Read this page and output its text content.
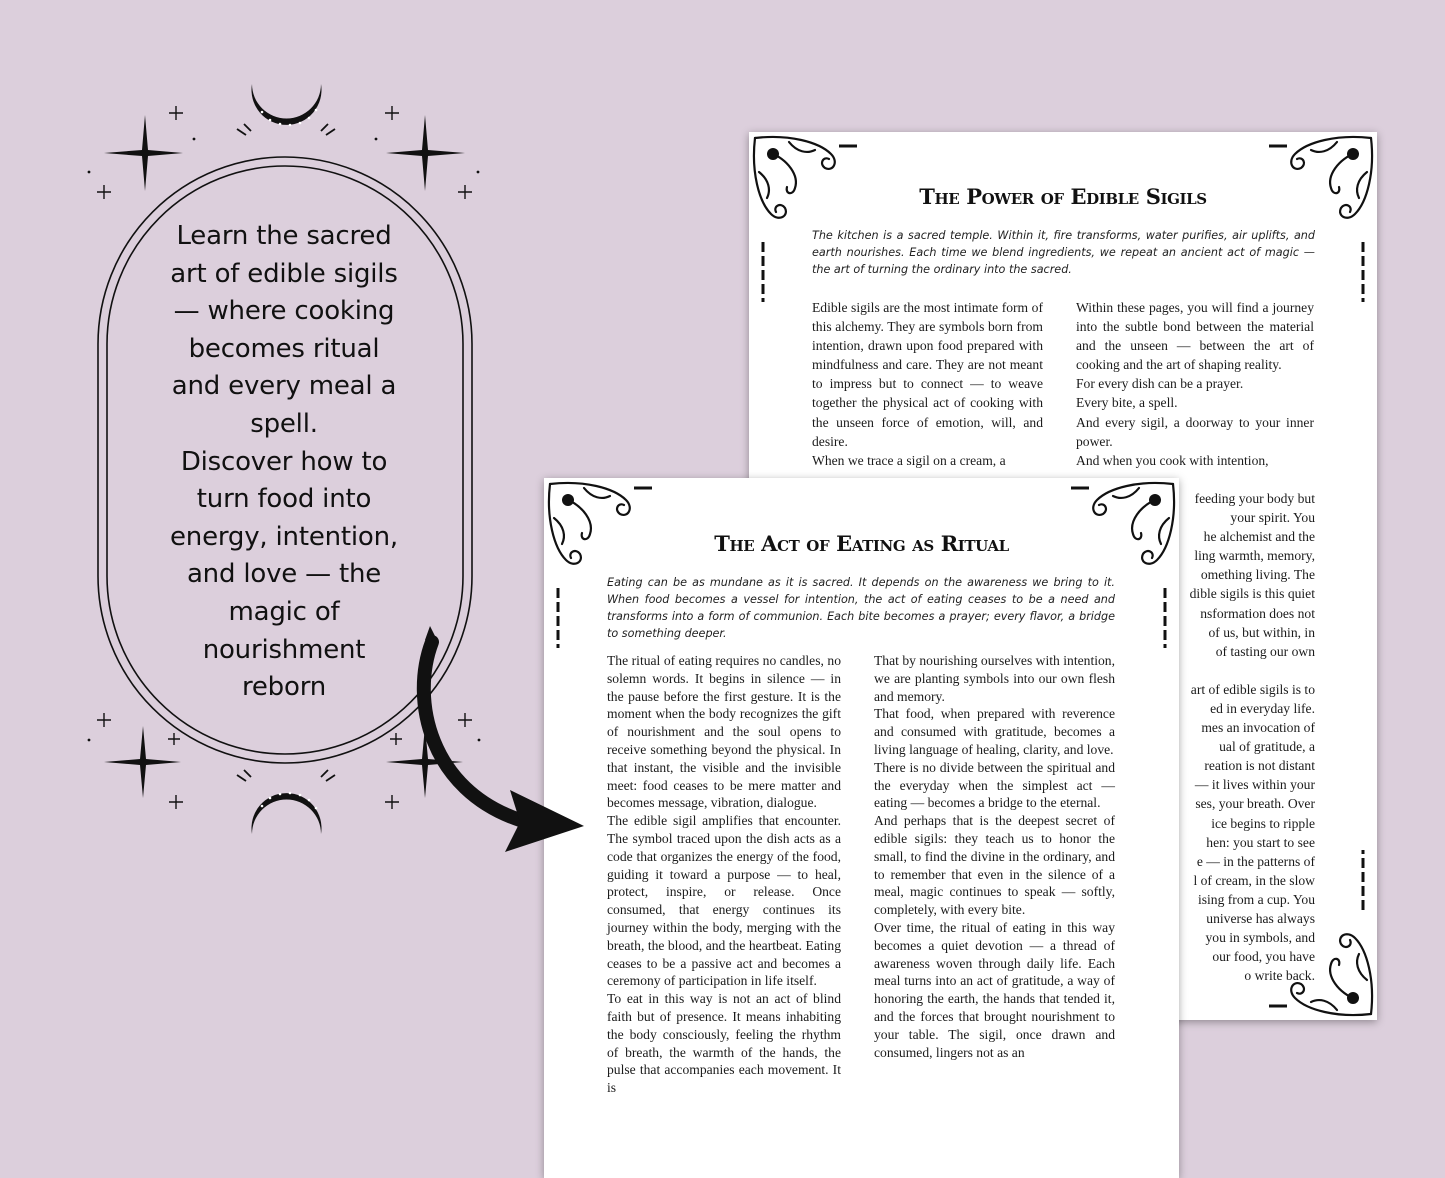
Learn the sacred
art of edible sigils
— where cooking
becomes ritual
and every meal a
spell.
Discover how to
turn food into
energy, intention,
and love — the
magic of
nourishment
reborn
The Power of Edible Sigils
The kitchen is a sacred temple. Within it, fire transforms, water purifies, air uplifts, and earth nourishes. Each time we blend ingredients, we repeat an ancient act of magic — the art of turning the ordinary into the sacred.

Edible sigils are the most intimate form of this alchemy. They are symbols born from intention, drawn upon food prepared with mindfulness and care. They are not meant to impress but to connect — to weave together the physical act of cooking with the unseen force of emotion, will, and desire.

When we trace a sigil on a cream, a

Within these pages, you will find a journey into the subtle bond between the material and the unseen — between the art of cooking and the art of shaping reality.

For every dish can be a prayer.

Every bite, a spell.

And every sigil, a doorway to your inner power.

And when you cook with intention,

feeding your body but

your spirit. You

he alchemist and the

ling warmth, memory,

omething living. The

dible sigils is this quiet

nsformation does not

of us, but within, in

of tasting our own

art of edible sigils is to

ed in everyday life.

mes an invocation of

ual of gratitude, a

reation is not distant

— it lives within your

ses, your breath. Over

ice begins to ripple

hen: you start to see

e — in the patterns of

l of cream, in the slow

ising from a cup. You

universe has always

you in symbols, and

our food, you have

o write back.

The Act of Eating as Ritual
Eating can be as mundane as it is sacred. It depends on the awareness we bring to it. When food becomes a vessel for intention, the act of eating ceases to be a need and transforms into a form of communion. Each bite becomes a prayer; every flavor, a bridge to something deeper.

The ritual of eating requires no candles, no solemn words. It begins in silence — in the pause before the first gesture. It is the moment when the body recognizes the gift of nourishment and the soul opens to receive something beyond the physical. In that instant, the visible and the invisible meet: food ceases to be mere matter and becomes message, vibration, dialogue.

The edible sigil amplifies that encounter. The symbol traced upon the dish acts as a code that organizes the energy of the food, guiding it toward a purpose — to heal, protect, inspire, or release. Once consumed, that energy continues its journey within the body, merging with the breath, the blood, and the heartbeat. Eating ceases to be a passive act and becomes a ceremony of participation in life itself.

To eat in this way is not an act of blind faith but of presence. It means inhabiting the body consciously, feeling the rhythm of breath, the warmth of the hands, the pulse that accompanies each movement. It is

That by nourishing ourselves with intention, we are planting symbols into our own flesh and memory.

That food, when prepared with reverence and consumed with gratitude, becomes a living language of healing, clarity, and love.

There is no divide between the spiritual and the everyday when the simplest act — eating — becomes a bridge to the eternal.

And perhaps that is the deepest secret of edible sigils: they teach us to honor the small, to find the divine in the ordinary, and to remember that even in the silence of a meal, magic continues to speak — softly, completely, with every bite.

Over time, the ritual of eating in this way becomes a quiet devotion — a thread of awareness woven through daily life. Each meal turns into an act of gratitude, a way of honoring the earth, the hands that tended it, and the forces that brought nourishment to your table. The sigil, once drawn and consumed, lingers not as an
